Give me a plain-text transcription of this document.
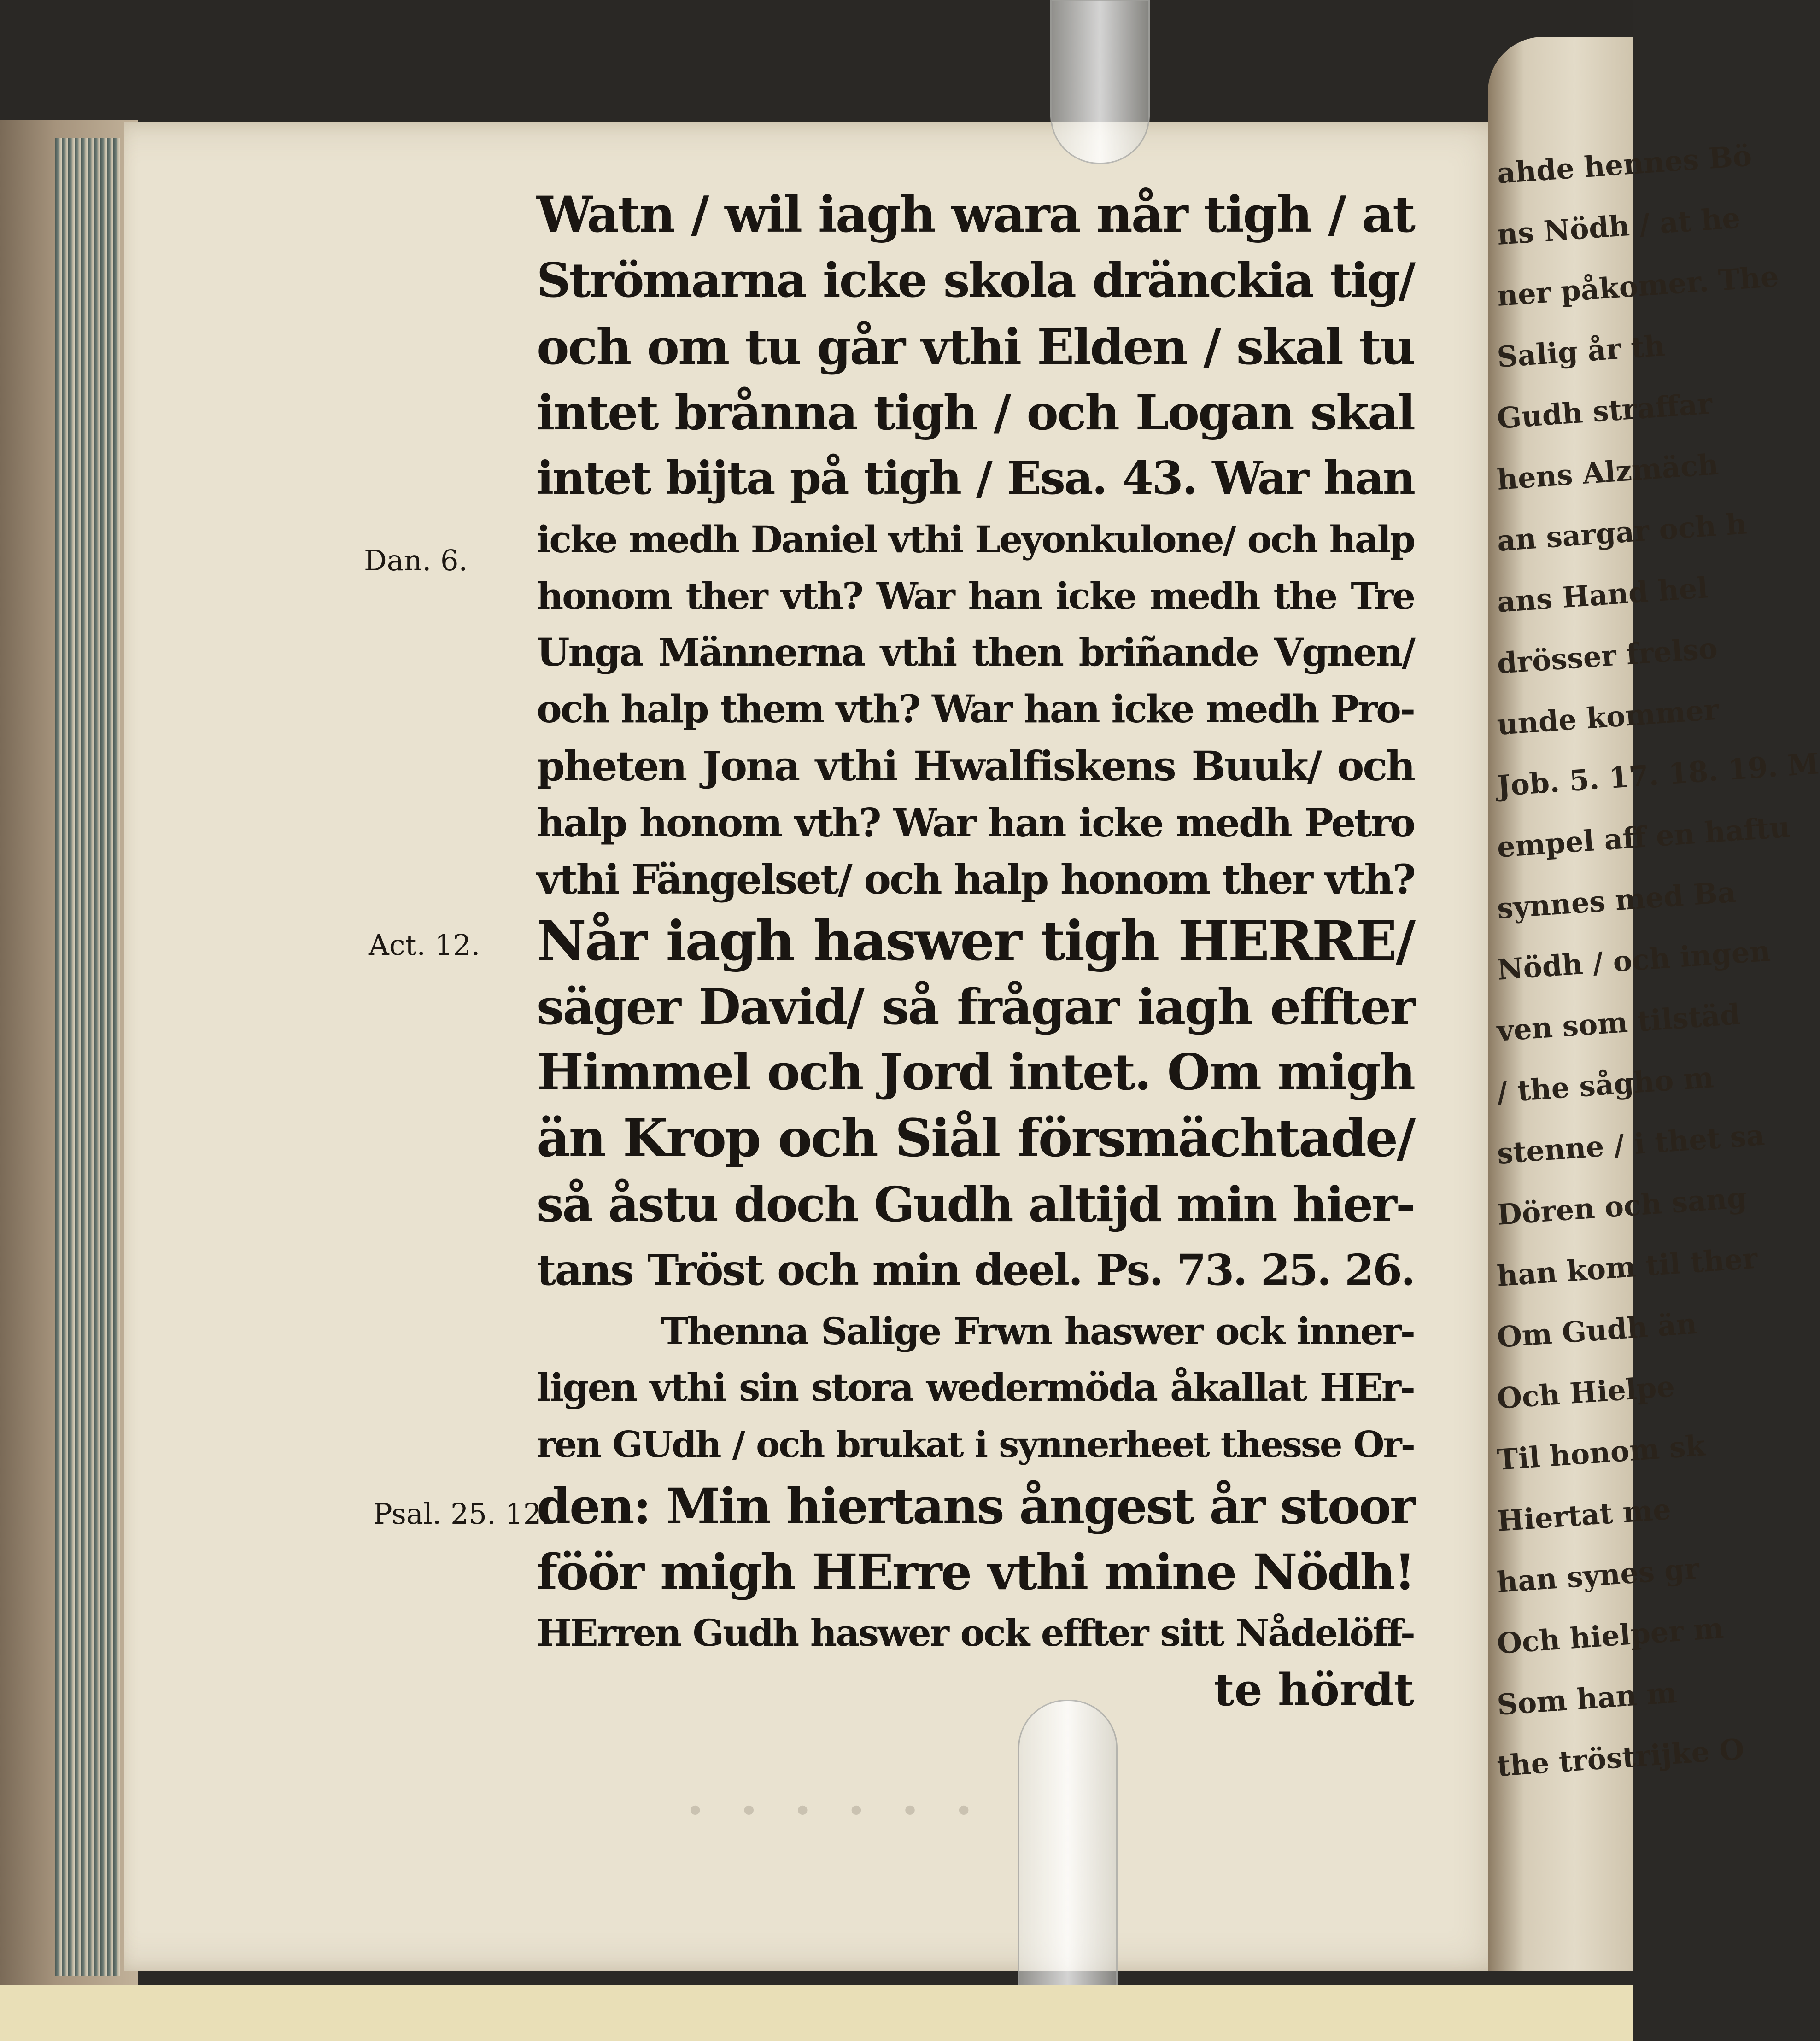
· · · · · ·
ahde hennes Bö
ns Nödh / at he
ner påkomer. The
Salig år th
Gudh straffar
hens Alzmäch
an sargar och h
ans Hand hel
drösser frelso
unde kommer
Job. 5. 17. 18. 19. M
empel aff en haftu
synnes med Ba
Nödh / och ingen
ven som tilstäd
/ the sågho m
stenne / i thet sa
Dören och sang
han kom til ther
Om Gudh än
Och Hielpe
Til honom sk
Hiertat me
han synes gr
Och hielper m
Som han m
the tröstrijke O
Dan. 6.
Act. 12.
Psal. 25. 12.
Watn / wil iagh wara når tigh / at
Strömarna icke skola dränckia tig/
och om tu går vthi Elden / skal tu
intet brånna tigh / och Logan skal
intet bijta på tigh / Esa. 43. War han
icke medh Daniel vthi Leyonkulone/ och halp
honom ther vth? War han icke medh the Tre
Unga Männerna vthi then briñande Vgnen/
och halp them vth? War han icke medh Pro-
pheten Jona vthi Hwalfiskens Buuk/ och
halp honom vth? War han icke medh Petro
vthi Fängelset/ och halp honom ther vth?
Når iagh haswer tigh HERRE/
säger David/ så frågar iagh effter
Himmel och Jord intet. Om migh
än Krop och Siål försmächtade/
så åstu doch Gudh altijd min hier-
tans Tröst och min deel. Ps. 73. 25. 26.
Thenna Salige Frwn haswer ock inner-
ligen vthi sin stora wedermöda åkallat HEr-
ren GUdh / och brukat i synnerheet thesse Or-
den: Min hiertans ångest år stoor
föör migh HErre vthi mine Nödh!
HErren Gudh haswer ock effter sitt Nådelöff-
te hördt
